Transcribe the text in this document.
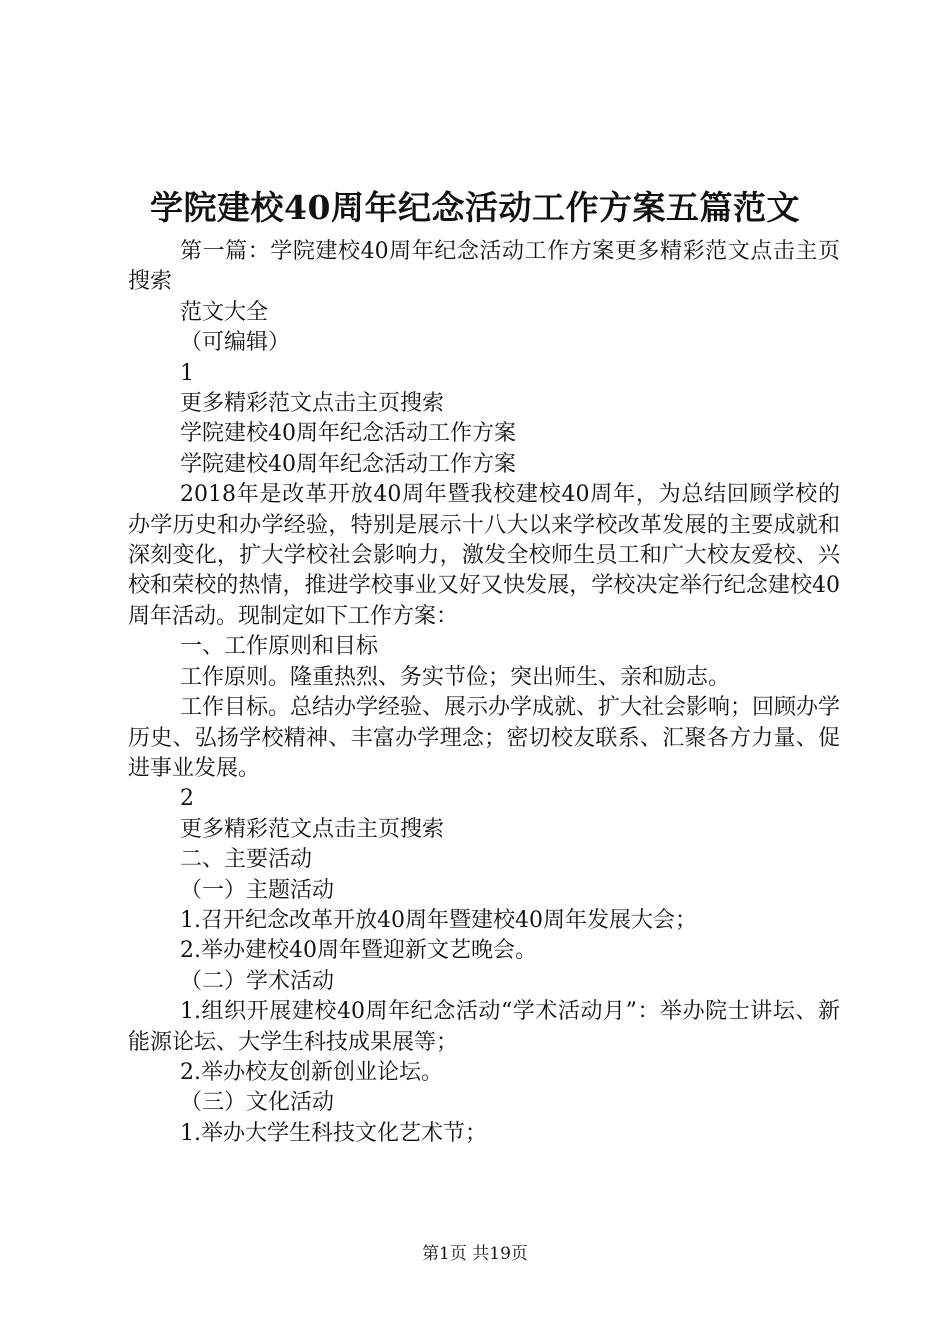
学院建校40周年纪念活动工作方案五篇范文

第一篇：学院建校40周年纪念活动工作方案更多精彩范文点击主页搜索

范文大全

（可编辑）

1

更多精彩范文点击主页搜索

学院建校40周年纪念活动工作方案

学院建校40周年纪念活动工作方案

2018年是改革开放40周年暨我校建校40周年，为总结回顾学校的办学历史和办学经验，特别是展示十八大以来学校改革发展的主要成就和深刻变化，扩大学校社会影响力，激发全校师生员工和广大校友爱校、兴校和荣校的热情，推进学校事业又好又快发展，学校决定举行纪念建校40周年活动。现制定如下工作方案：

一、工作原则和目标

工作原则。隆重热烈、务实节俭；突出师生、亲和励志。

工作目标。总结办学经验、展示办学成就、扩大社会影响；回顾办学历史、弘扬学校精神、丰富办学理念；密切校友联系、汇聚各方力量、促进事业发展。

2

更多精彩范文点击主页搜索

二、主要活动

（一）主题活动

1.召开纪念改革开放40周年暨建校40周年发展大会；

2.举办建校40周年暨迎新文艺晚会。

（二）学术活动

1.组织开展建校40周年纪念活动“学术活动月”：举办院士讲坛、新能源论坛、大学生科技成果展等；

2.举办校友创新创业论坛。

（三）文化活动

1.举办大学生科技文化艺术节；

第1页 共19页
